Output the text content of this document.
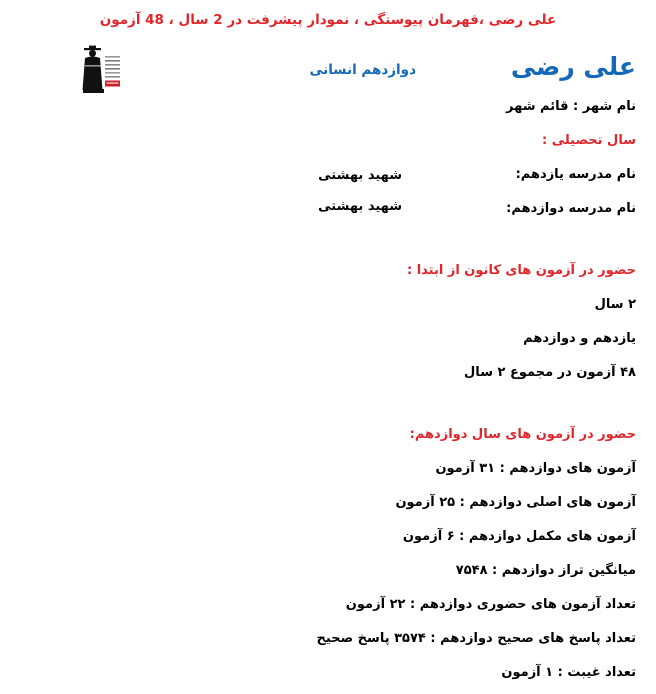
علی رضی ،قهرمان پیوستگی ، نمودار پیشرفت در 2 سال ، 48 آزمون
علی رضی
دوازدهم انسانی
نام شهر : قائم شهر
سال تحصیلی :
نام مدرسه یازدهم:
نام مدرسه دوازدهم:
حضور در آزمون های کانون از ابتدا :
۲ سال
یازدهم و دوازدهم
۴۸ آزمون در مجموع ۲ سال
حضور در آزمون های سال دوازدهم:
آزمون های دوازدهم : ۳۱ آزمون
آزمون های اصلی دوازدهم : ۲۵ آزمون
آزمون های مکمل دوازدهم : ۶ آزمون
میانگین تراز دوازدهم : ۷۵۴۸
تعداد آزمون های حضوری دوازدهم : ۲۲ آزمون
تعداد پاسخ های صحیح دوازدهم : ۳۵۷۴ پاسخ صحیح
تعداد غیبت : ۱ آزمون
شهید بهشتی
شهید بهشتی
